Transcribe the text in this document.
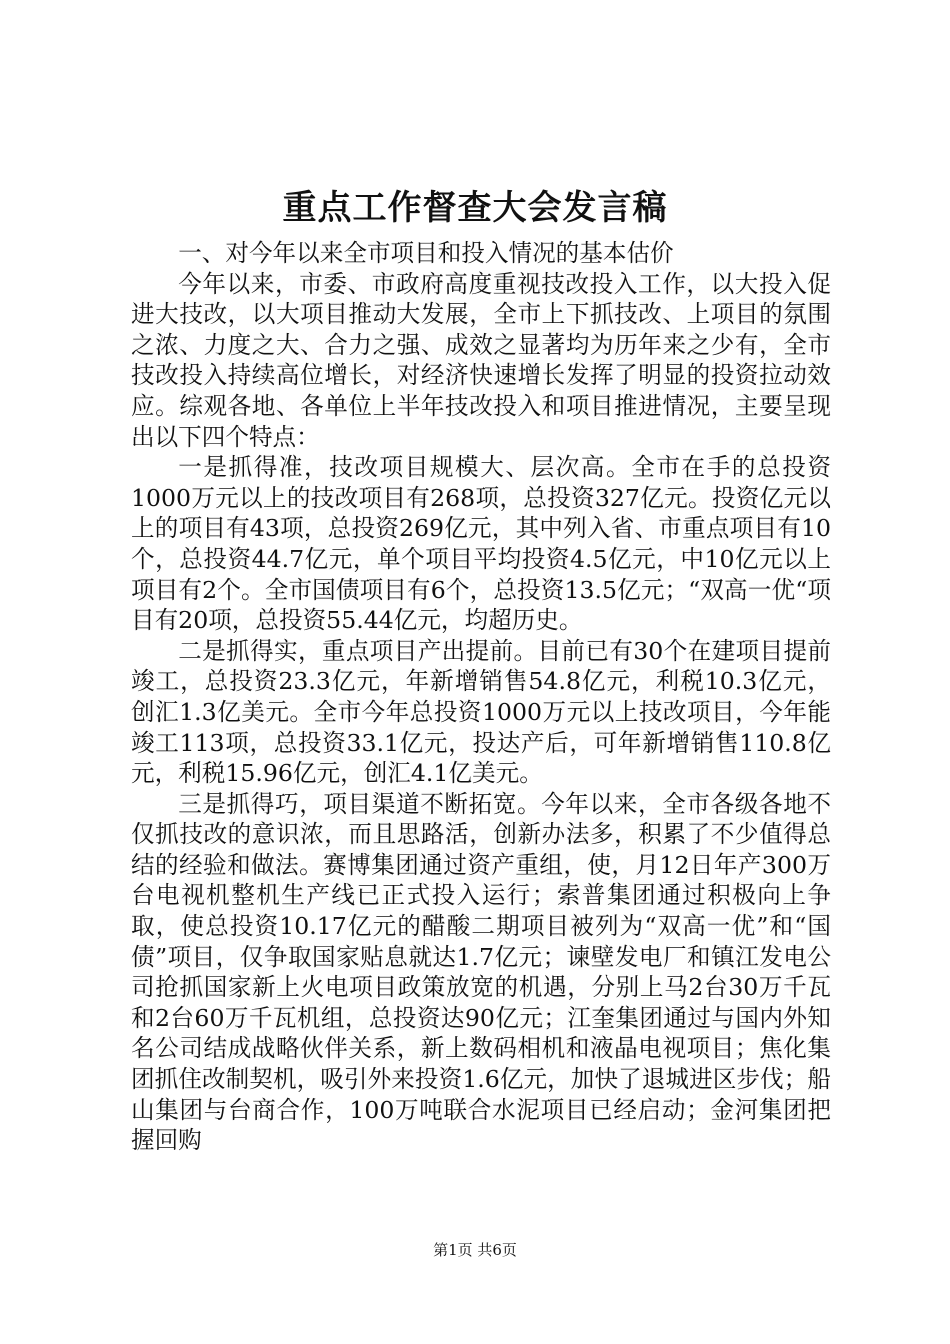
重点工作督查大会发言稿

一、对今年以来全市项目和投入情况的基本估价

今年以来，市委、市政府高度重视技改投入工作，以大投入促进大技改，以大项目推动大发展，全市上下抓技改、上项目的氛围之浓、力度之大、合力之强、成效之显著均为历年来之少有，全市技改投入持续高位增长，对经济快速增长发挥了明显的投资拉动效应。综观各地、各单位上半年技改投入和项目推进情况，主要呈现出以下四个特点：

一是抓得准，技改项目规模大、层次高。全市在手的总投资1000万元以上的技改项目有268项，总投资327亿元。投资亿元以上的项目有43项，总投资269亿元，其中列入省、市重点项目有10个，总投资44.7亿元，单个项目平均投资4.5亿元，中10亿元以上项目有2个。全市国债项目有6个，总投资13.5亿元；“双高一优“项目有20项，总投资55.44亿元，均超历史。

二是抓得实，重点项目产出提前。目前已有30个在建项目提前竣工，总投资23.3亿元，年新增销售54.8亿元，利税10.3亿元，创汇1.3亿美元。全市今年总投资1000万元以上技改项目，今年能竣工113项，总投资33.1亿元，投达产后，可年新增销售110.8亿元，利税15.96亿元，创汇4.1亿美元。

三是抓得巧，项目渠道不断拓宽。今年以来，全市各级各地不仅抓技改的意识浓，而且思路活，创新办法多，积累了不少值得总结的经验和做法。赛博集团通过资产重组，使，月12日年产300万台电视机整机生产线已正式投入运行；索普集团通过积极向上争取，使总投资10.17亿元的醋酸二期项目被列为“双高一优”和“国债”项目，仅争取国家贴息就达1.7亿元；谏壁发电厂和镇江发电公司抢抓国家新上火电项目政策放宽的机遇，分别上马2台30万千瓦和2台60万千瓦机组，总投资达90亿元；江奎集团通过与国内外知名公司结成战略伙伴关系，新上数码相机和液晶电视项目；焦化集团抓住改制契机，吸引外来投资1.6亿元，加快了退城进区步伐；船山集团与台商合作，100万吨联合水泥项目已经启动；金河集团把握回购

第1页 共6页
